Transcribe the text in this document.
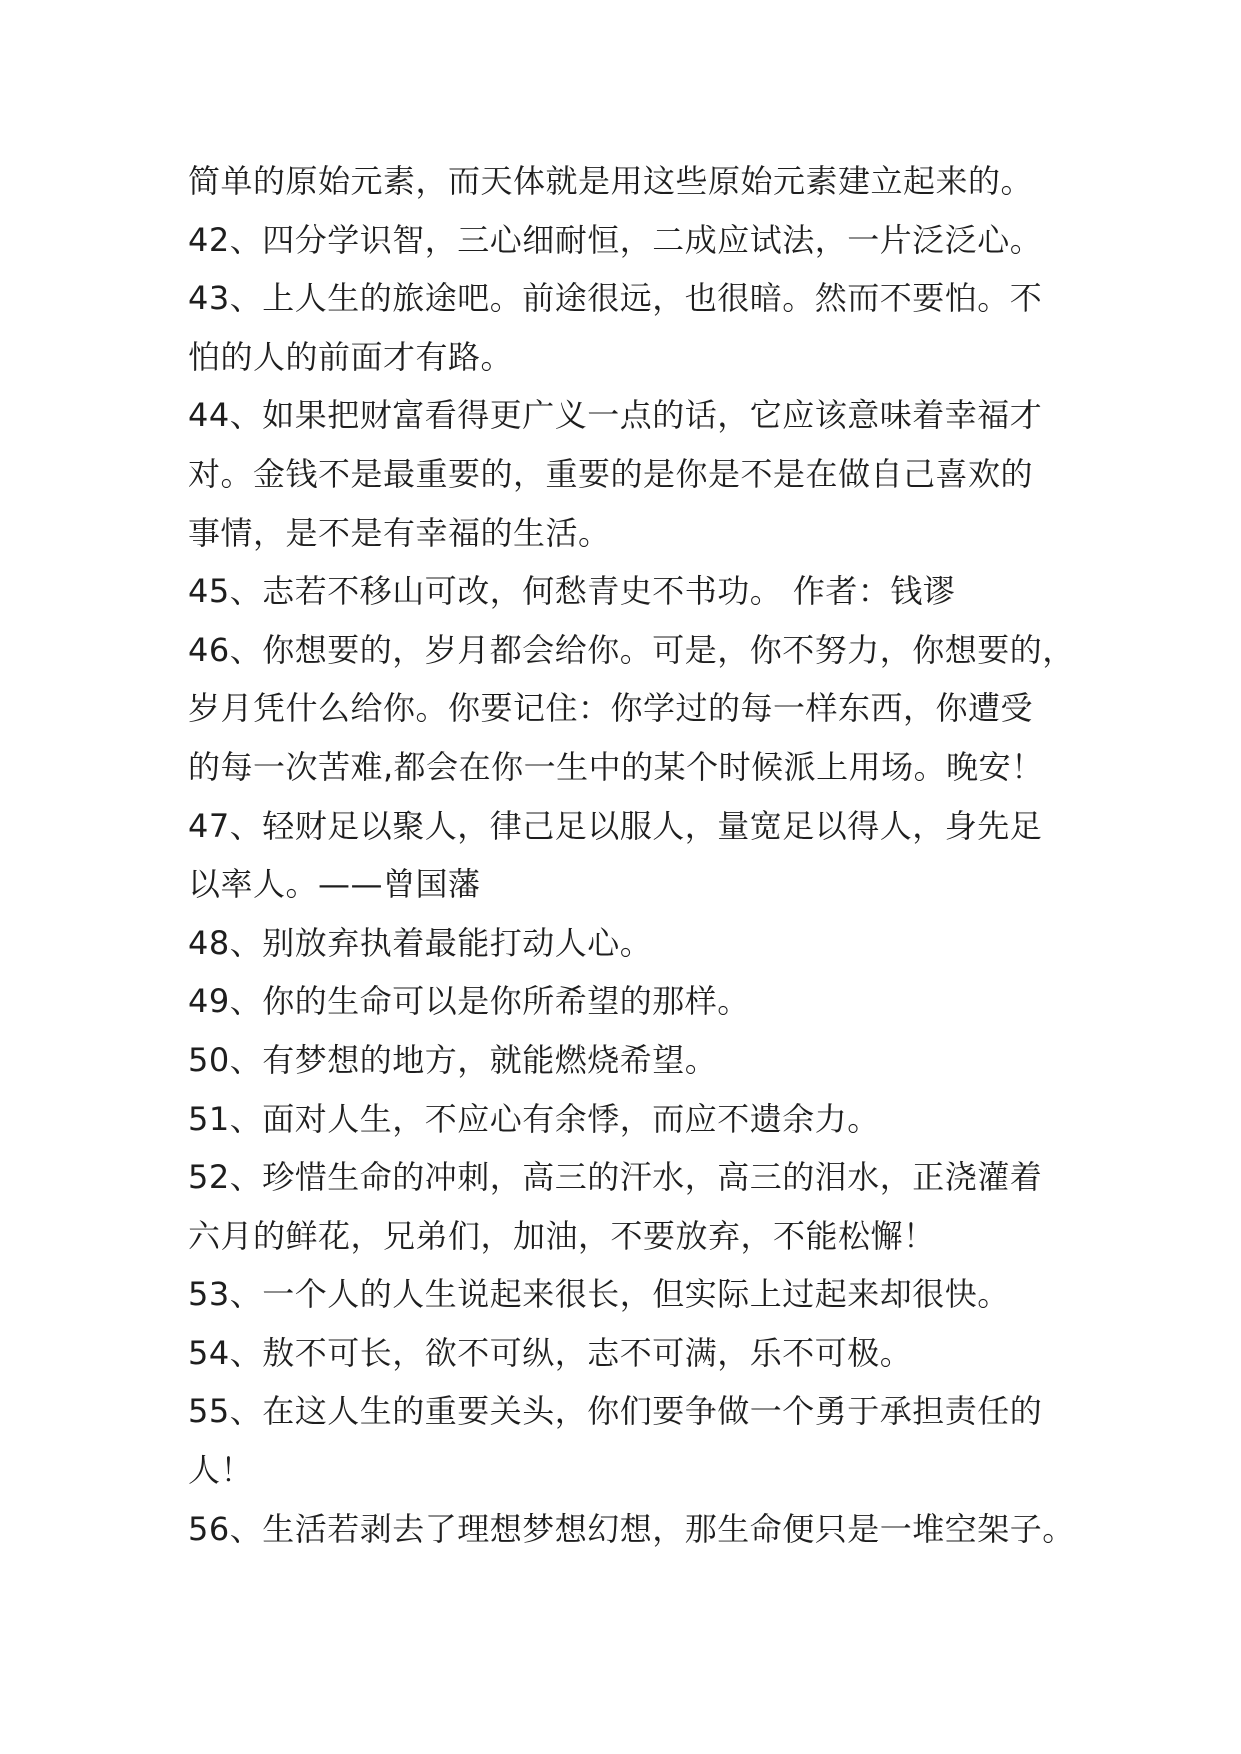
简单的原始元素，而天体就是用这些原始元素建立起来的。
42、四分学识智，三心细耐恒，二成应试法，一片泛泛心。
43、上人生的旅途吧。前途很远，也很暗。然而不要怕。不
怕的人的前面才有路。
44、如果把财富看得更广义一点的话，它应该意味着幸福才
对。金钱不是最重要的，重要的是你是不是在做自己喜欢的
事情，是不是有幸福的生活。
45、志若不移山可改，何愁青史不书功。 作者：钱谬
46、你想要的，岁月都会给你。可是，你不努力，你想要的，
岁月凭什么给你。你要记住：你学过的每一样东西，你遭受
的每一次苦难,都会在你一生中的某个时候派上用场。晚安！
47、轻财足以聚人，律己足以服人，量宽足以得人，身先足
以率人。——曾国藩
48、别放弃执着最能打动人心。
49、你的生命可以是你所希望的那样。
50、有梦想的地方，就能燃烧希望。
51、面对人生，不应心有余悸，而应不遗余力。
52、珍惜生命的冲刺，高三的汗水，高三的泪水，正浇灌着
六月的鲜花，兄弟们，加油，不要放弃，不能松懈！
53、一个人的人生说起来很长，但实际上过起来却很快。
54、敖不可长，欲不可纵，志不可满，乐不可极。
55、在这人生的重要关头，你们要争做一个勇于承担责任的
人！
56、生活若剥去了理想梦想幻想，那生命便只是一堆空架子。
